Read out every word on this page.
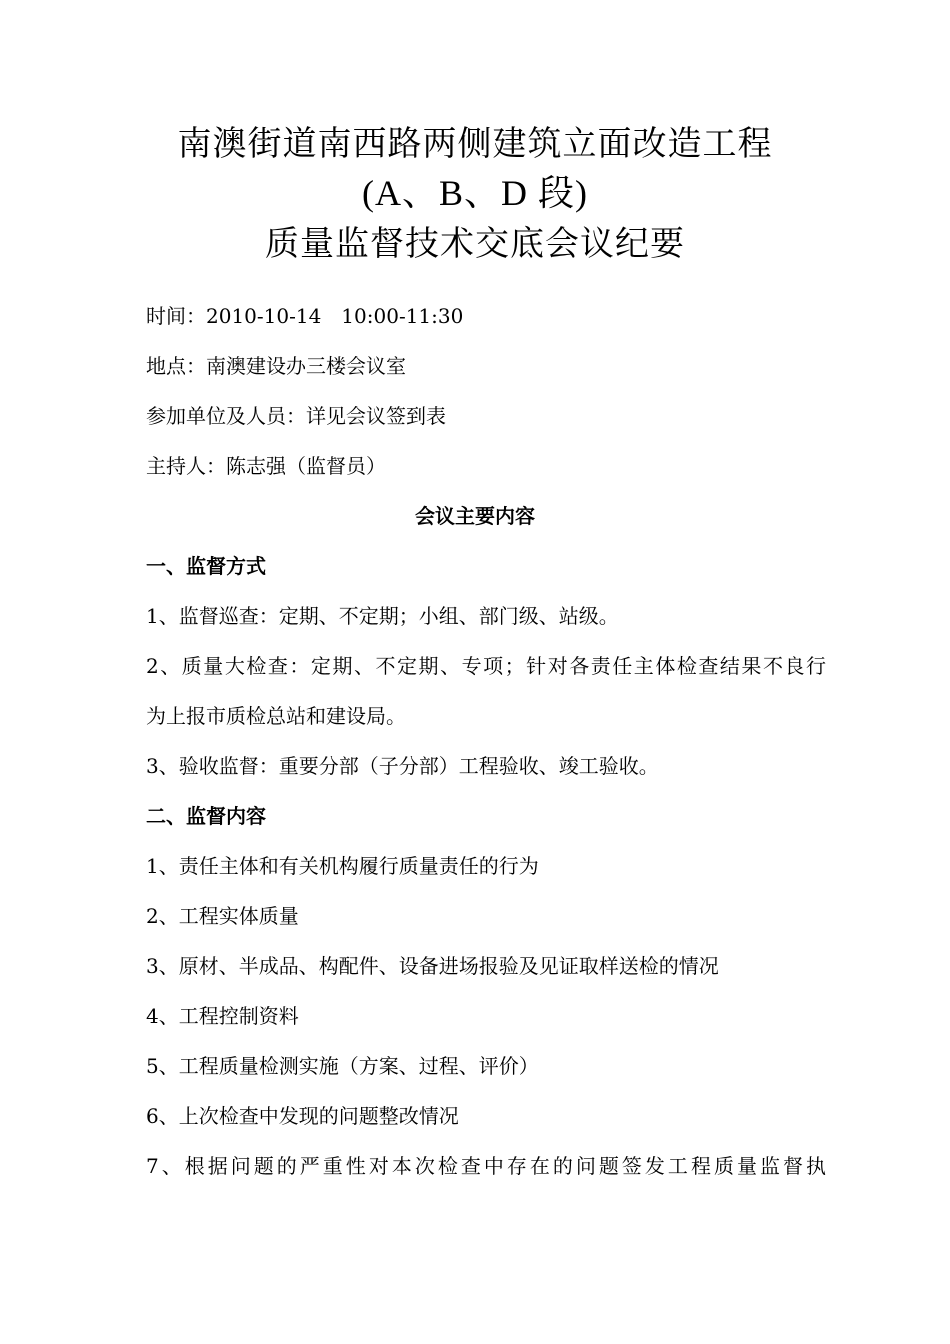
南澳街道南西路两侧建筑立面改造工程
(A、B、D 段)
质量监督技术交底会议纪要
时间：2010-10-14　10:00-11:30
地点：南澳建设办三楼会议室
参加单位及人员：详见会议签到表
主持人：陈志强（监督员）
会议主要内容
一、监督方式
1、监督巡查：定期、不定期；小组、部门级、站级。
2、质量大检查：定期、不定期、专项；针对各责任主体检查结果不良行
为上报市质检总站和建设局。
3、验收监督：重要分部（子分部）工程验收、竣工验收。
二、监督内容
1、责任主体和有关机构履行质量责任的行为
2、工程实体质量
3、原材、半成品、构配件、设备进场报验及见证取样送检的情况
4、工程控制资料
5、工程质量检测实施（方案、过程、评价）
6、上次检查中发现的问题整改情况
7、根据问题的严重性对本次检查中存在的问题签发工程质量监督执
